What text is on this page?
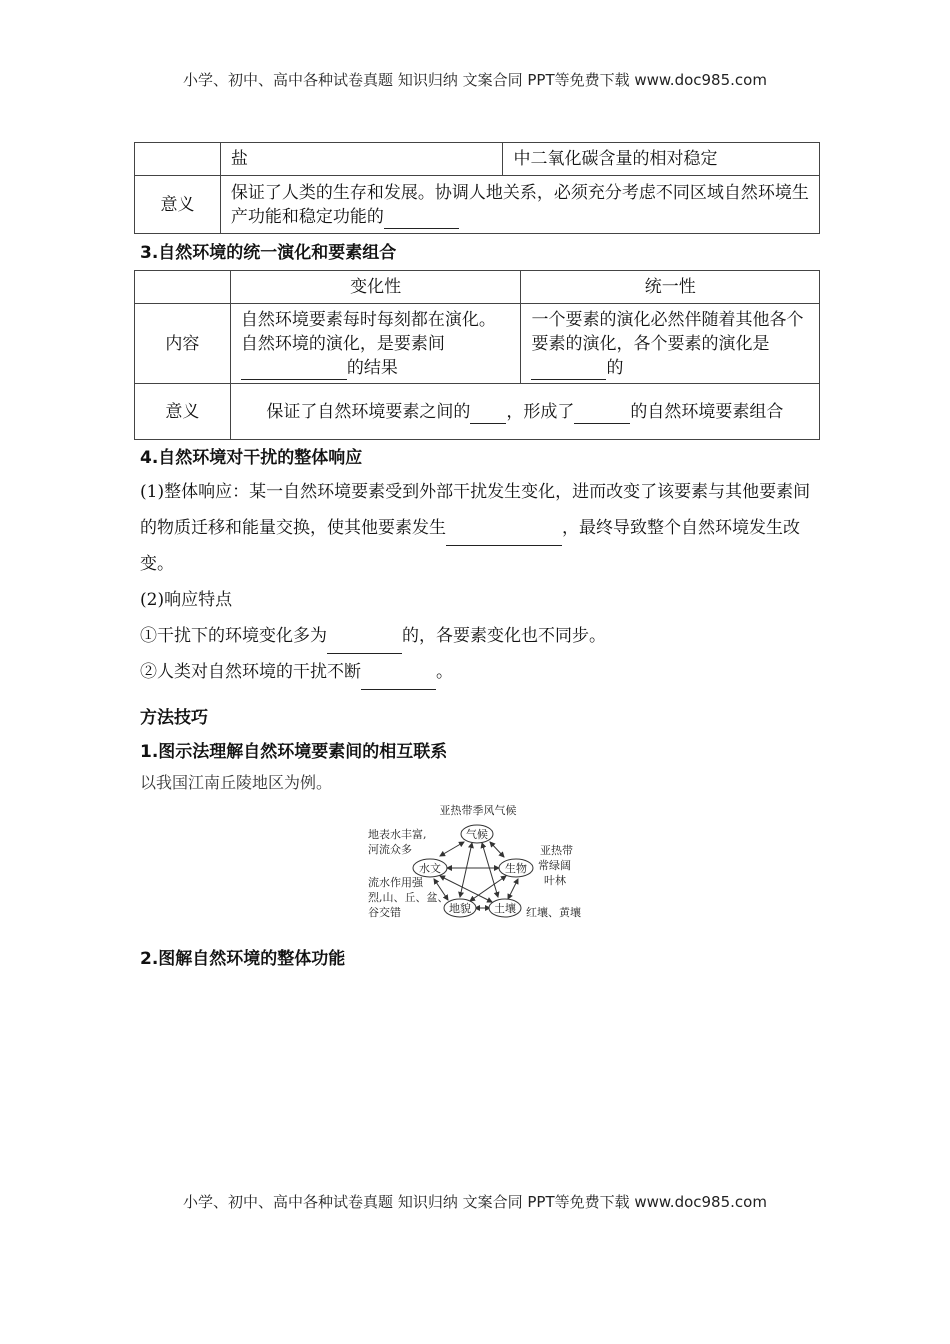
小学、初中、高中各种试卷真题 知识归纳 文案合同 PPT等免费下载 www.doc985.com
	盐	中二氧化碳含量的相对稳定
意义	保证了人类的生存和发展。协调人地关系，必须充分考虑不同区域自然环境生产功能和稳定功能的	
3.自然环境的统一演化和要素组合
	变化性	统一性
内容	自然环境要素每时每刻都在演化。自然环境的演化，是要素间的结果	一个要素的演化必然伴随着其他各个要素的演化，各个要素的演化是的
意义	保证了自然环境要素之间的 ，形成了 的自然环境要素组合	
4.自然环境对干扰的整体响应

(1)整体响应：某一自然环境要素受到外部干扰发生变化，进而改变了该要素与其他要素间的物质迁移和能量交换，使其他要素发生	，最终导致整个自然环境发生改变。

(2)响应特点

①干扰下的环境变化多为	的，各要素变化也不同步。

②人类对自然环境的干扰不断	。

方法技巧
1.图示法理解自然环境要素间的相互联系
以我国江南丘陵地区为例。
气候
水文	生物
地貌 土壤
亚热带季风气候
地表水丰富,
河流众多	亚热带
常绿阔
叶林
流水作用强
烈,山、丘、盆、
谷交错	红壤、黄壤
2.图解自然环境的整体功能
小学、初中、高中各种试卷真题 知识归纳 文案合同 PPT等免费下载 www.doc985.com
